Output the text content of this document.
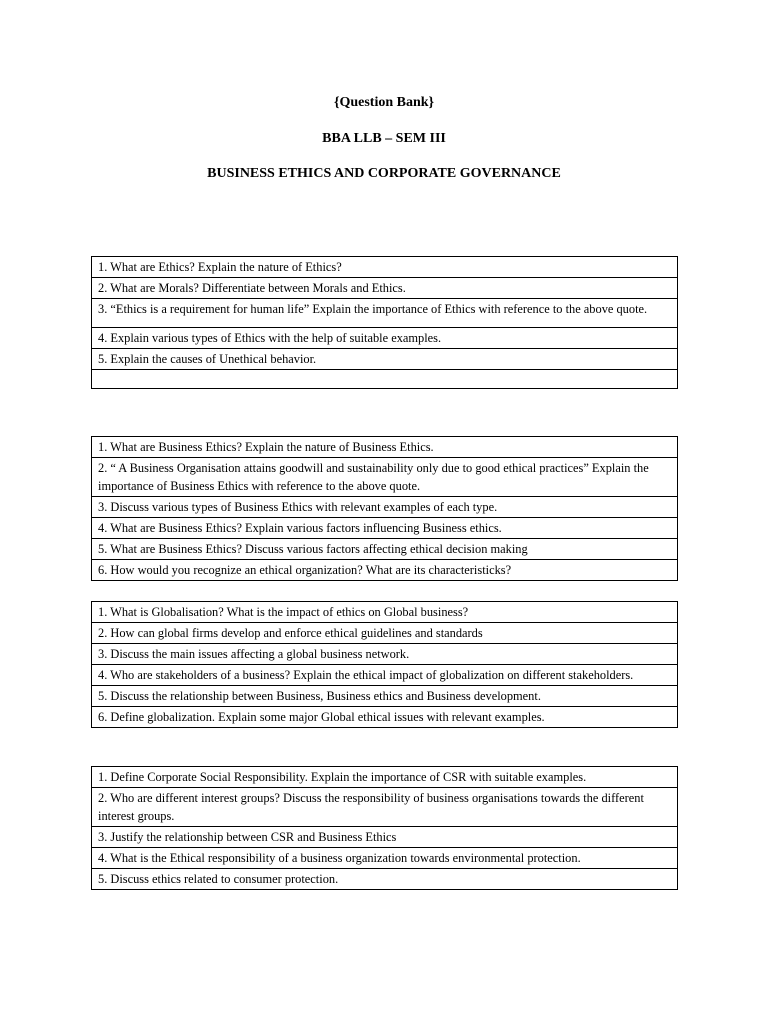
{Question Bank}
BBA LLB – SEM III
BUSINESS ETHICS AND CORPORATE GOVERNANCE
1. What are Ethics? Explain the nature of Ethics?
2. What are Morals? Differentiate between Morals and Ethics.
3. “Ethics is a requirement for human life” Explain the importance of Ethics with reference to the above quote.
4. Explain various types of Ethics with the help of suitable examples.
5. Explain the causes of Unethical behavior.

1. What are Business Ethics? Explain the nature of Business Ethics.
2. “ A Business Organisation attains goodwill and sustainability only due to good ethical practices” Explain the importance of Business Ethics with reference to the above quote.
3. Discuss various types of Business Ethics with relevant examples of each type.
4. What are Business Ethics? Explain various factors influencing Business ethics.
5. What are Business Ethics? Discuss various factors affecting ethical decision making
6. How would you recognize an ethical organization? What are its characteristicks?
1. What is Globalisation? What is the impact of ethics on Global business?
2. How can global firms develop and enforce ethical guidelines and standards
3. Discuss the main issues affecting a global business network.
4. Who are stakeholders of a business? Explain the ethical impact of globalization on different stakeholders.
5. Discuss the relationship between Business, Business ethics and Business development.
6. Define globalization. Explain some major Global ethical issues with relevant examples.
1. Define Corporate Social Responsibility. Explain the importance of CSR with suitable examples.
2. Who are different interest groups? Discuss the responsibility of business organisations towards the different interest groups.
3. Justify the relationship between CSR and Business Ethics
4. What is the Ethical responsibility of a business organization towards environmental protection.
5. Discuss ethics related to consumer protection.
